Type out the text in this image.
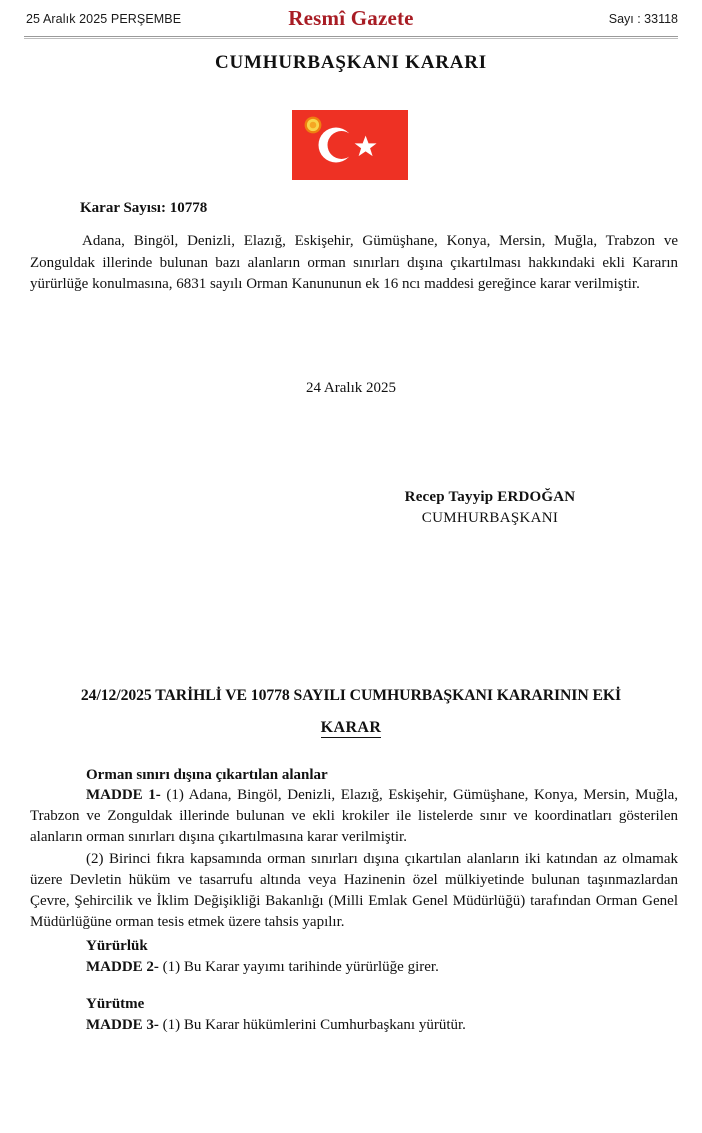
25 Aralık 2025 PERŞEMBE	Resmî Gazete	Sayı : 33118
CUMHURBAŞKANI KARARI
Karar Sayısı: 10778
Adana, Bingöl, Denizli, Elazığ, Eskişehir, Gümüşhane, Konya, Mersin, Muğla, Trabzon ve Zonguldak illerinde bulunan bazı alanların orman sınırları dışına çıkartılması hakkındaki ekli Kararın yürürlüğe konulmasına, 6831 sayılı Orman Kanununun ek 16 ncı maddesi gereğince karar verilmiştir.
24 Aralık 2025
Recep Tayyip ERDOĞAN
CUMHURBAŞKANI
24/12/2025 TARİHLİ VE 10778 SAYILI CUMHURBAŞKANI KARARININ EKİ
KARAR
Orman sınırı dışına çıkartılan alanlar
MADDE 1- (1) Adana, Bingöl, Denizli, Elazığ, Eskişehir, Gümüşhane, Konya, Mersin, Muğla, Trabzon ve Zonguldak illerinde bulunan ve ekli krokiler ile listelerde sınır ve koordinatları gösterilen alanların orman sınırları dışına çıkartılmasına karar verilmiştir.
(2) Birinci fıkra kapsamında orman sınırları dışına çıkartılan alanların iki katından az olmamak üzere Devletin hüküm ve tasarrufu altında veya Hazinenin özel mülkiyetinde bulunan taşınmazlardan Çevre, Şehircilik ve İklim Değişikliği Bakanlığı (Milli Emlak Genel Müdürlüğü) tarafından Orman Genel Müdürlüğüne orman tesis etmek üzere tahsis yapılır.
Yürürlük
MADDE 2- (1) Bu Karar yayımı tarihinde yürürlüğe girer.
Yürütme
MADDE 3- (1) Bu Karar hükümlerini Cumhurbaşkanı yürütür.
